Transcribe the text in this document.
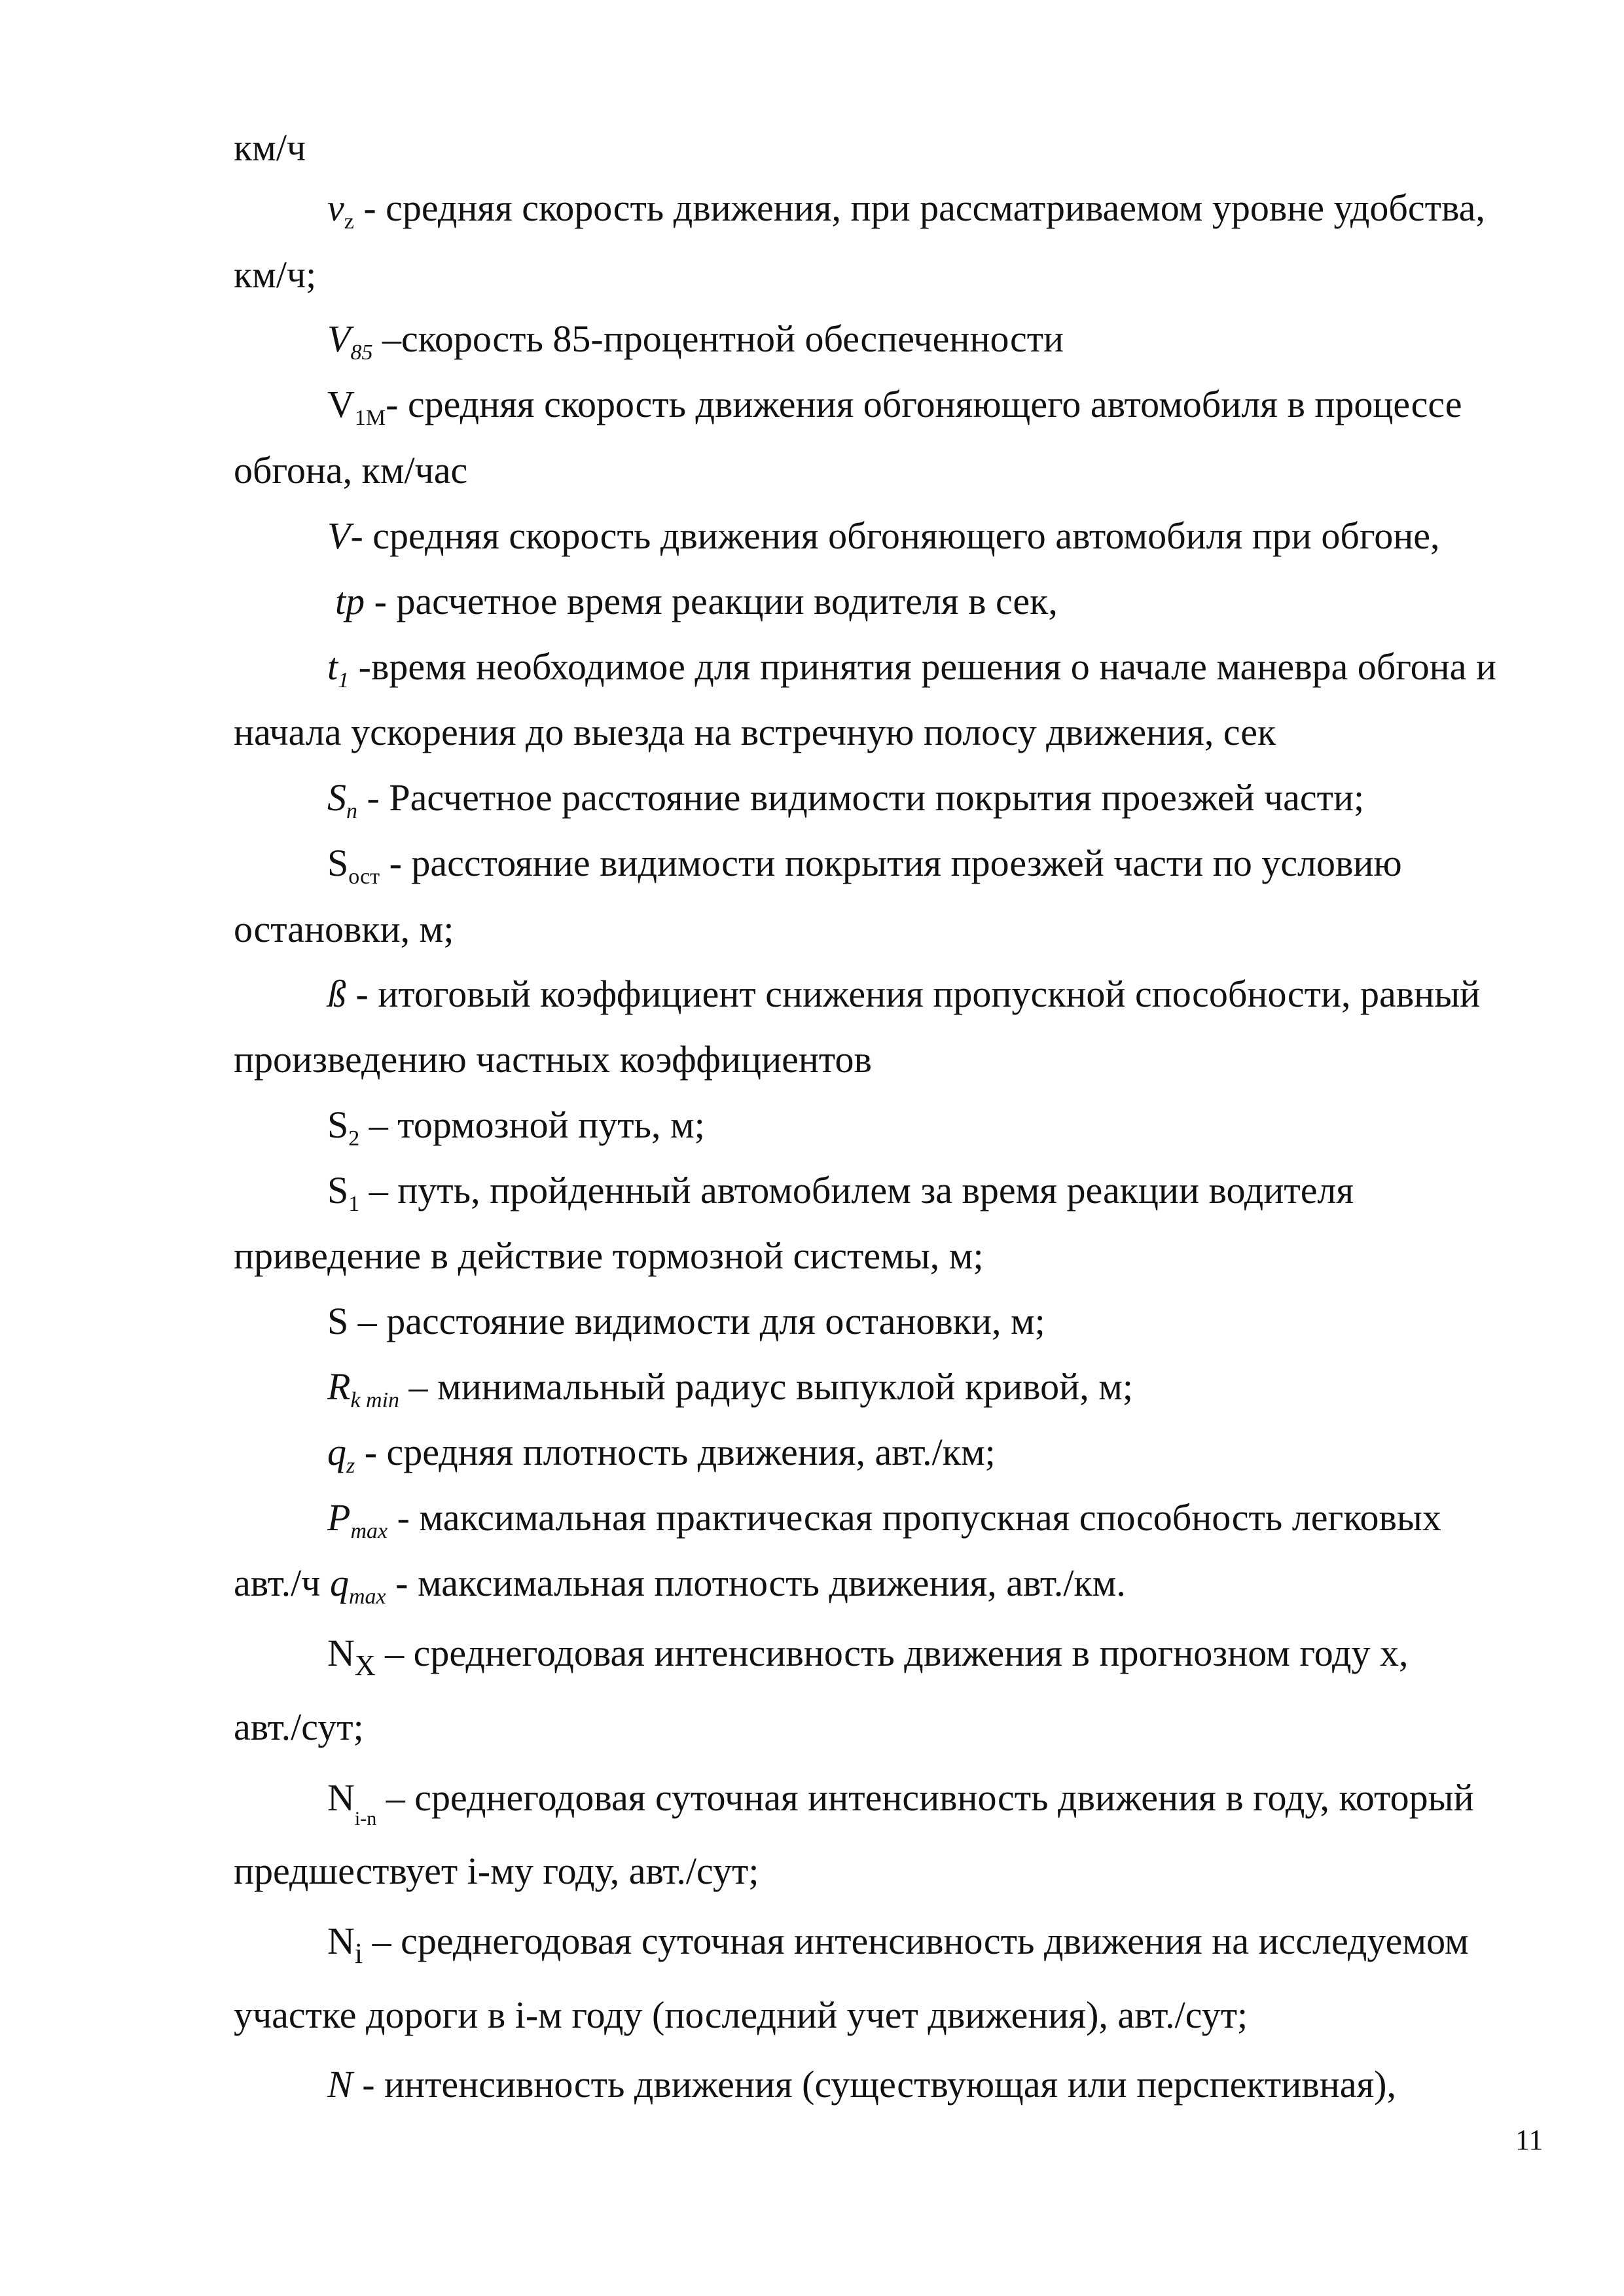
км/ч
$v_z$ - средняя скорость движения, при рассматриваемом уровне удобства,
км/ч;
$V_{85}$ –скорость 85-процентной обеспеченности
$V_{1M}-$ средняя скорость движения обгоняющего автомобиля в процессе
обгона, км/час
V- средняя скорость движения обгоняющего автомобиля при обгоне,
tp - расчетное время реакции водителя в сек,
$t_1$ -время необходимое для принятия решения о начале маневра обгона и
начала ускорения до выезда на встречную полосу движения, сек
$S_n$ - Расчетное расстояние видимости покрытия проезжей части;
$S_{ост}$ - расстояние видимости покрытия проезжей части по условию
остановки, м;
ß - итоговый коэффициент снижения пропускной способности, равный
произведению частных коэффициентов
$S_2$ – тормозной путь, м;
$S_1$ – путь, пройденный автомобилем за время реакции водителя
приведение в действие тормозной системы, м;
S – расстояние видимости для остановки, м;
$R_{k min}$ – минимальный радиус выпуклой кривой, м;
$q_z$ - средняя плотность движения, авт./км;
$P_{max}$ - максимальная практическая пропускная способность легковых
авт./ч $q_{max}$ - максимальная плотность движения, авт./км.
$N_X$ – среднегодовая интенсивность движения в прогнозном году х,
авт./сут;
$N_{i-n}$ – среднегодовая суточная интенсивность движения в году, который
предшествует i-му году, авт./сут;
$N_i$ – среднегодовая суточная интенсивность движения на исследуемом
участке дороги в i-м году (последний учет движения), авт./сут;
N - интенсивность движения (существующая или перспективная),
11
